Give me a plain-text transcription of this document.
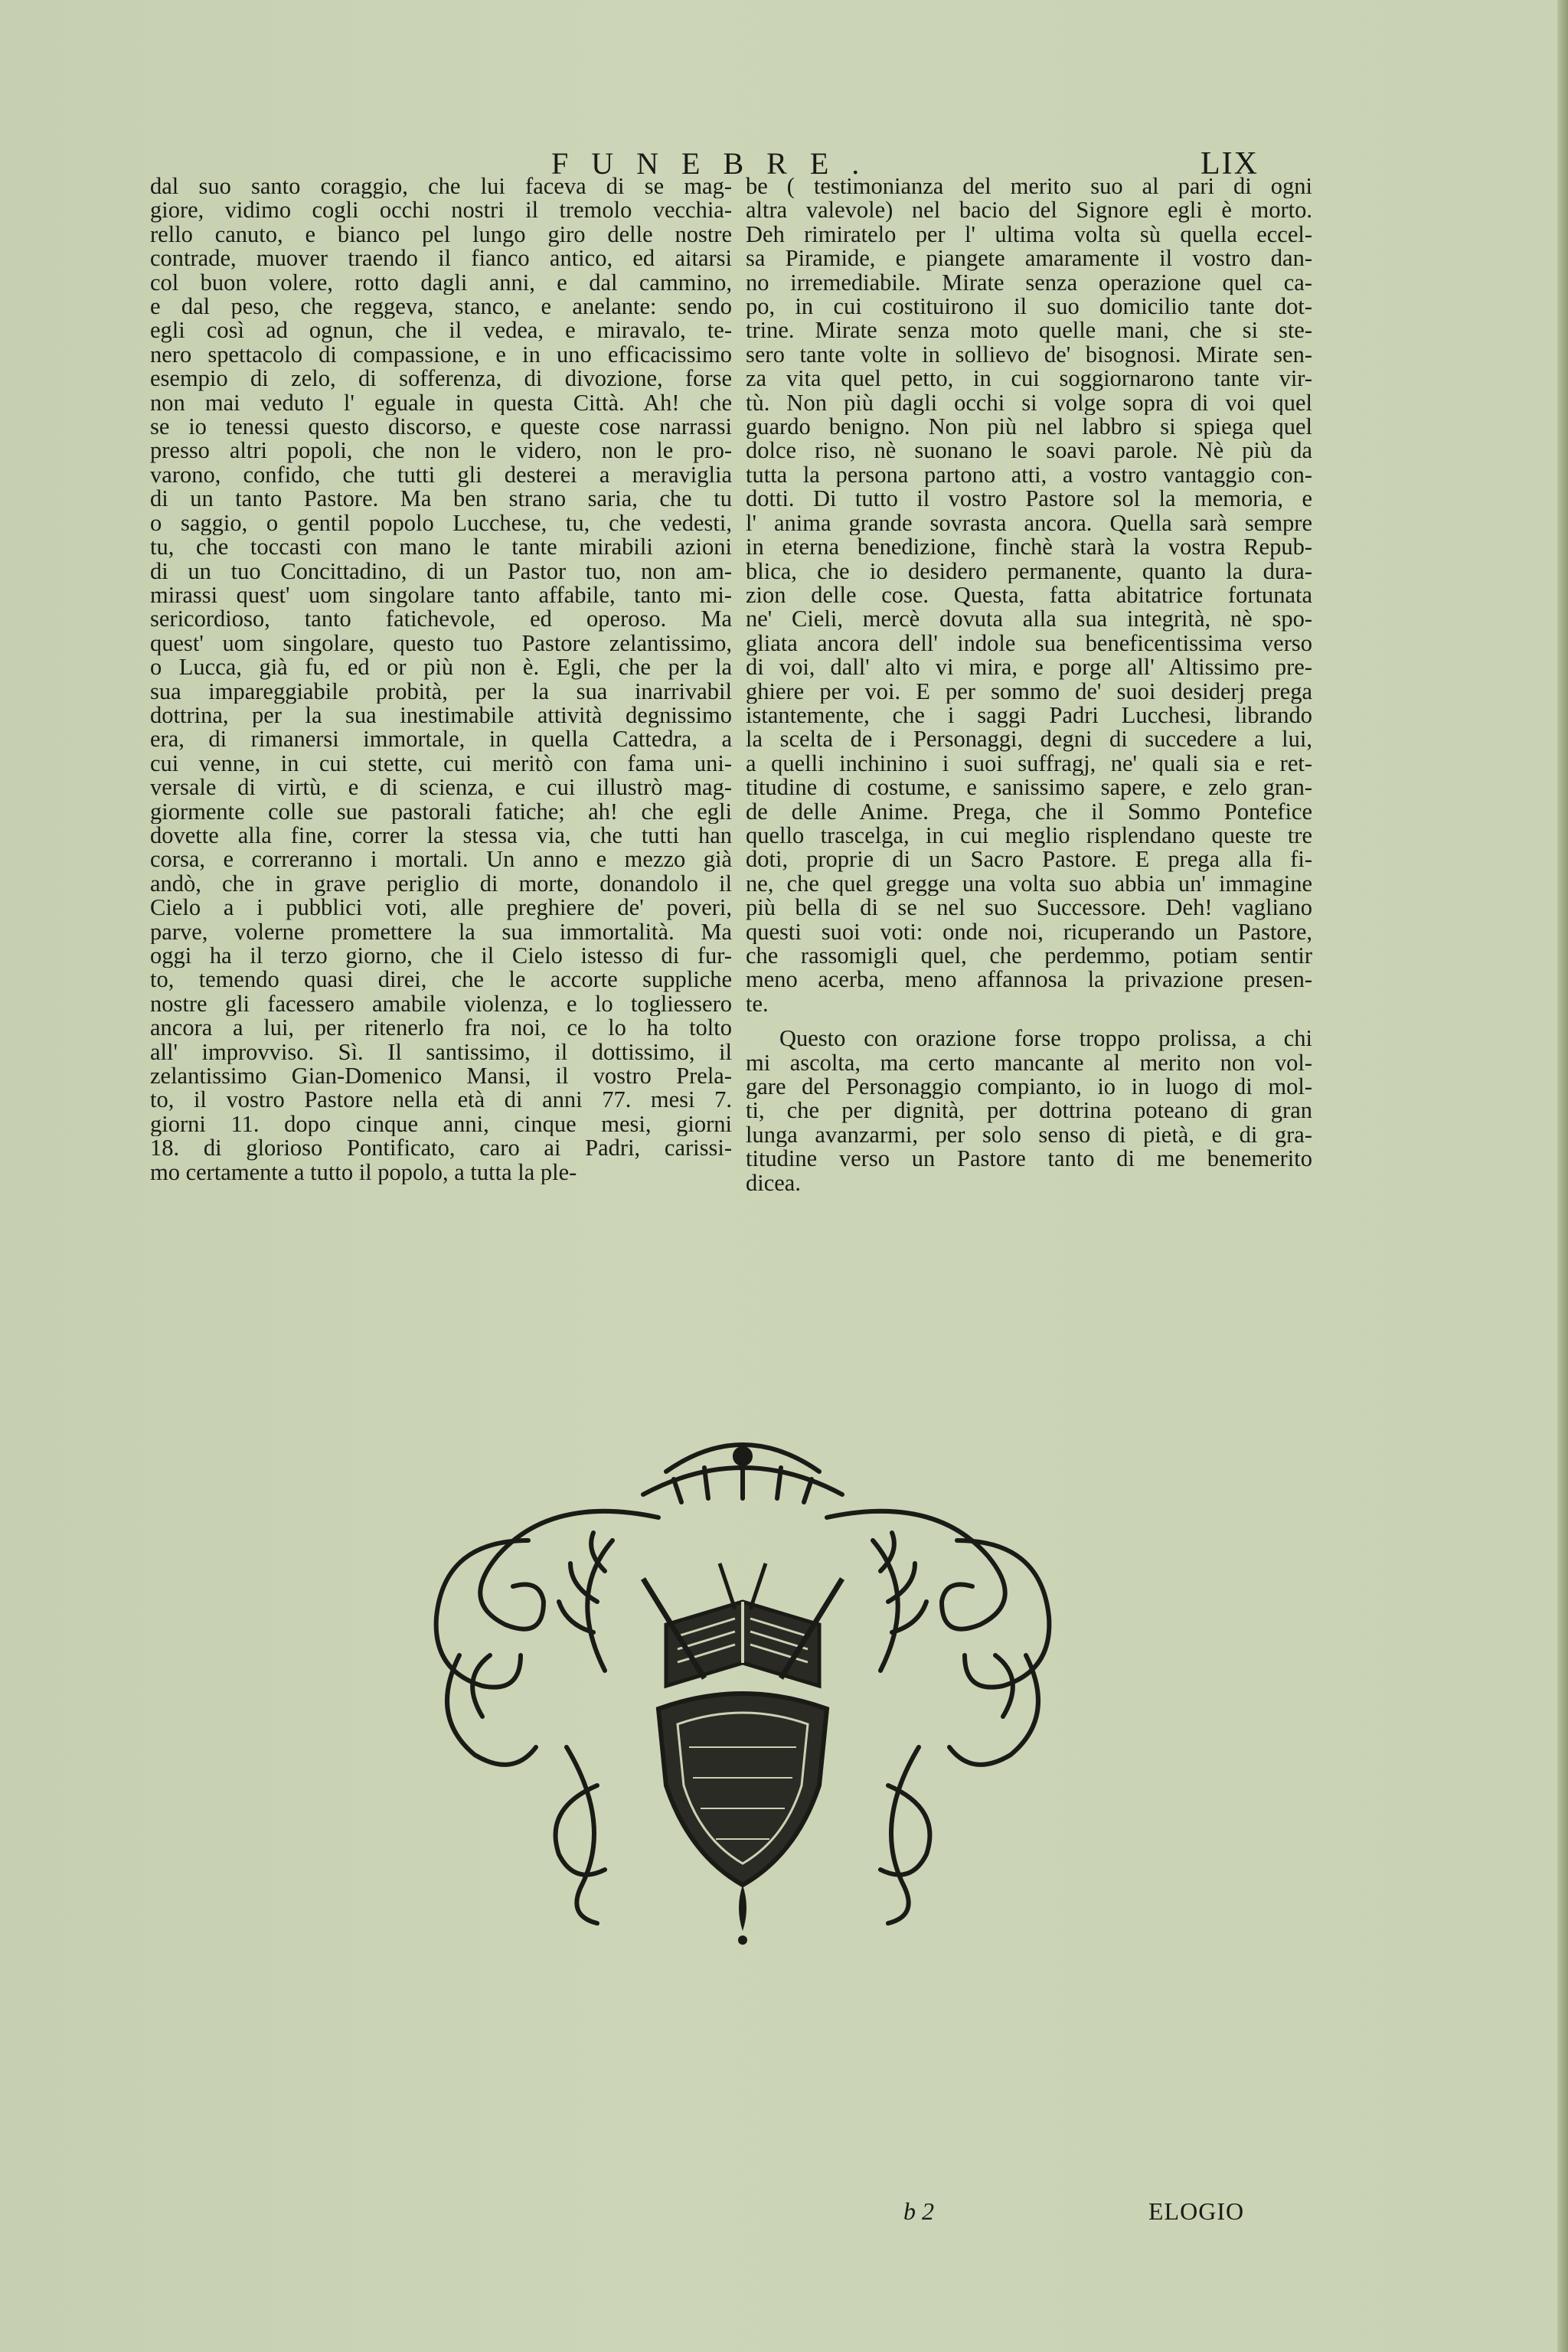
FUNEBRE.	LIX
dal suo santo coraggio, che lui faceva di se mag-
giore, vidimo cogli occhi nostri il tremolo vecchia-
rello canuto, e bianco pel lungo giro delle nostre
contrade, muover traendo il fianco antico, ed aitarsi
col buon volere, rotto dagli anni, e dal cammino,
e dal peso, che reggeva, stanco, e anelante: sendo
egli così ad ognun, che il vedea, e miravalo, te-
nero spettacolo di compassione, e in uno efficacissimo
esempio di zelo, di sofferenza, di divozione, forse
non mai veduto l' eguale in questa Città. Ah! che
se io tenessi questo discorso, e queste cose narrassi
presso altri popoli, che non le videro, non le pro-
varono, confido, che tutti gli desterei a meraviglia
di un tanto Pastore. Ma ben strano saria, che tu
o saggio, o gentil popolo Lucchese, tu, che vedesti,
tu, che toccasti con mano le tante mirabili azioni
di un tuo Concittadino, di un Pastor tuo, non am-
mirassi quest' uom singolare tanto affabile, tanto mi-
sericordioso, tanto fatichevole, ed operoso. Ma
quest' uom singolare, questo tuo Pastore zelantissimo,
o Lucca, già fu, ed or più non è. Egli, che per la
sua impareggiabile probità, per la sua inarrivabil
dottrina, per la sua inestimabile attività degnissimo
era, di rimanersi immortale, in quella Cattedra, a
cui venne, in cui stette, cui meritò con fama uni-
versale di virtù, e di scienza, e cui illustrò mag-
giormente colle sue pastorali fatiche; ah! che egli
dovette alla fine, correr la stessa via, che tutti han
corsa, e correranno i mortali. Un anno e mezzo già
andò, che in grave periglio di morte, donandolo il
Cielo a i pubblici voti, alle preghiere de' poveri,
parve, volerne promettere la sua immortalità. Ma
oggi ha il terzo giorno, che il Cielo istesso di fur-
to, temendo quasi direi, che le accorte suppliche
nostre gli facessero amabile violenza, e lo togliessero
ancora a lui, per ritenerlo fra noi, ce lo ha tolto
all' improvviso. Sì. Il santissimo, il dottissimo, il
zelantissimo Gian-Domenico Mansi, il vostro Prela-
to, il vostro Pastore nella età di anni 77. mesi 7.
giorni 11. dopo cinque anni, cinque mesi, giorni
18. di glorioso Pontificato, caro ai Padri, carissi-
mo certamente a tutto il popolo, a tutta la ple-
be ( testimonianza del merito suo al pari di ogni
altra valevole) nel bacio del Signore egli è morto.
Deh rimiratelo per l' ultima volta sù quella eccel-
sa Piramide, e piangete amaramente il vostro dan-
no irremediabile. Mirate senza operazione quel ca-
po, in cui costituirono il suo domicilio tante dot-
trine. Mirate senza moto quelle mani, che si ste-
sero tante volte in sollievo de' bisognosi. Mirate sen-
za vita quel petto, in cui soggiornarono tante vir-
tù. Non più dagli occhi si volge sopra di voi quel
guardo benigno. Non più nel labbro si spiega quel
dolce riso, nè suonano le soavi parole. Nè più da
tutta la persona partono atti, a vostro vantaggio con-
dotti. Di tutto il vostro Pastore sol la memoria, e
l' anima grande sovrasta ancora. Quella sarà sempre
in eterna benedizione, finchè starà la vostra Repub-
blica, che io desidero permanente, quanto la dura-
zion delle cose. Questa, fatta abitatrice fortunata
ne' Cieli, mercè dovuta alla sua integrità, nè spo-
gliata ancora dell' indole sua beneficentissima verso
di voi, dall' alto vi mira, e porge all' Altissimo pre-
ghiere per voi. E per sommo de' suoi desiderj prega
istantemente, che i saggi Padri Lucchesi, librando
la scelta de i Personaggi, degni di succedere a lui,
a quelli inchinino i suoi suffragj, ne' quali sia e ret-
titudine di costume, e sanissimo sapere, e zelo gran-
de delle Anime. Prega, che il Sommo Pontefice
quello trascelga, in cui meglio risplendano queste tre
doti, proprie di un Sacro Pastore. E prega alla fi-
ne, che quel gregge una volta suo abbia un' immagine
più bella di se nel suo Successore. Deh! vagliano
questi suoi voti: onde noi, ricuperando un Pastore,
che rassomigli quel, che perdemmo, potiam sentir
meno acerba, meno affannosa la privazione presen-
te.
Questo con orazione forse troppo prolissa, a chi
mi ascolta, ma certo mancante al merito non vol-
gare del Personaggio compianto, io in luogo di mol-
ti, che per dignità, per dottrina poteano di gran
lunga avanzarmi, per solo senso di pietà, e di gra-
titudine verso un Pastore tanto di me benemerito
dicea.
b 2	ELOGIO
